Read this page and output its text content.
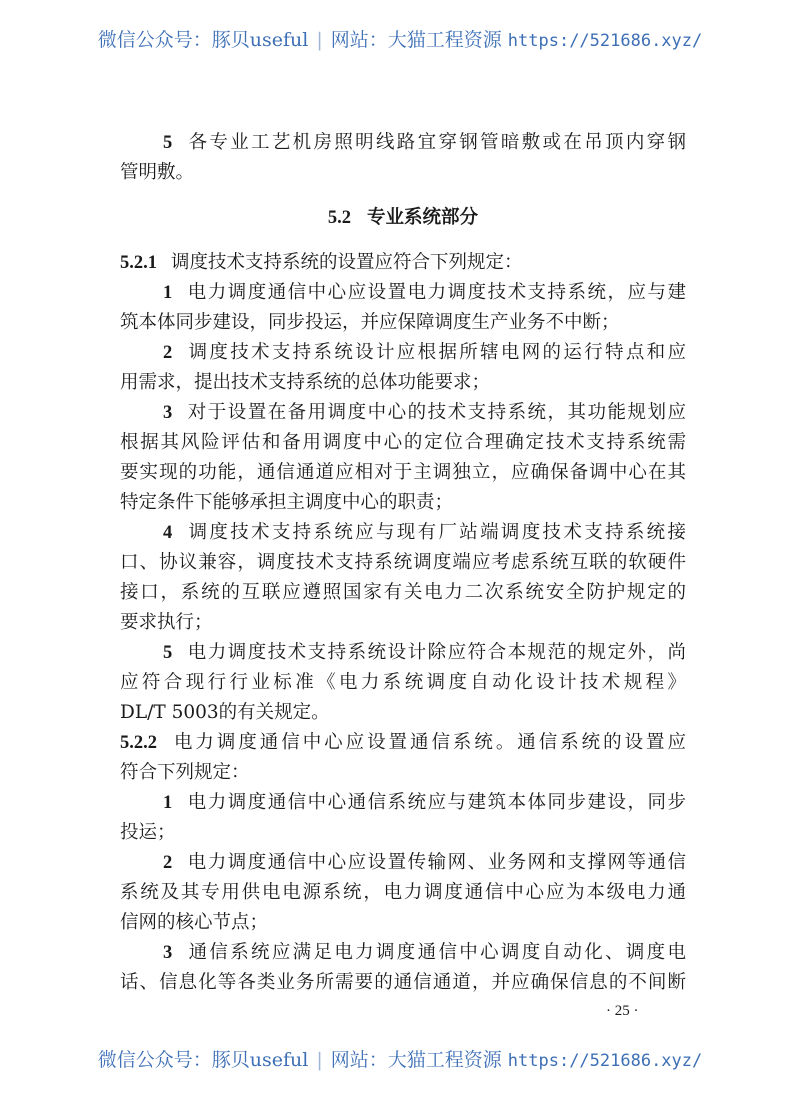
微信公众号：豚贝useful | 网站：大猫工程资源 https://521686.xyz/
5 各专业工艺机房照明线路宜穿钢管暗敷或在吊顶内穿钢
管明敷。
5.2 专业系统部分
5.2.1 调度技术支持系统的设置应符合下列规定：
1 电力调度通信中心应设置电力调度技术支持系统，应与建
筑本体同步建设，同步投运，并应保障调度生产业务不中断；
2 调度技术支持系统设计应根据所辖电网的运行特点和应
用需求，提出技术支持系统的总体功能要求；
3 对于设置在备用调度中心的技术支持系统，其功能规划应
根据其风险评估和备用调度中心的定位合理确定技术支持系统需
要实现的功能，通信通道应相对于主调独立，应确保备调中心在其
特定条件下能够承担主调度中心的职责；
4 调度技术支持系统应与现有厂站端调度技术支持系统接
口、协议兼容，调度技术支持系统调度端应考虑系统互联的软硬件
接口，系统的互联应遵照国家有关电力二次系统安全防护规定的
要求执行；
5 电力调度技术支持系统设计除应符合本规范的规定外，尚
应符合现行行业标准《电力系统调度自动化设计技术规程》
DL/T 5003的有关规定。
5.2.2 电力调度通信中心应设置通信系统。通信系统的设置应
符合下列规定：
1 电力调度通信中心通信系统应与建筑本体同步建设，同步
投运；
2 电力调度通信中心应设置传输网、业务网和支撑网等通信
系统及其专用供电电源系统，电力调度通信中心应为本级电力通
信网的核心节点；
3 通信系统应满足电力调度通信中心调度自动化、调度电
话、信息化等各类业务所需要的通信通道，并应确保信息的不间断
· 25 ·
微信公众号：豚贝useful | 网站：大猫工程资源 https://521686.xyz/
